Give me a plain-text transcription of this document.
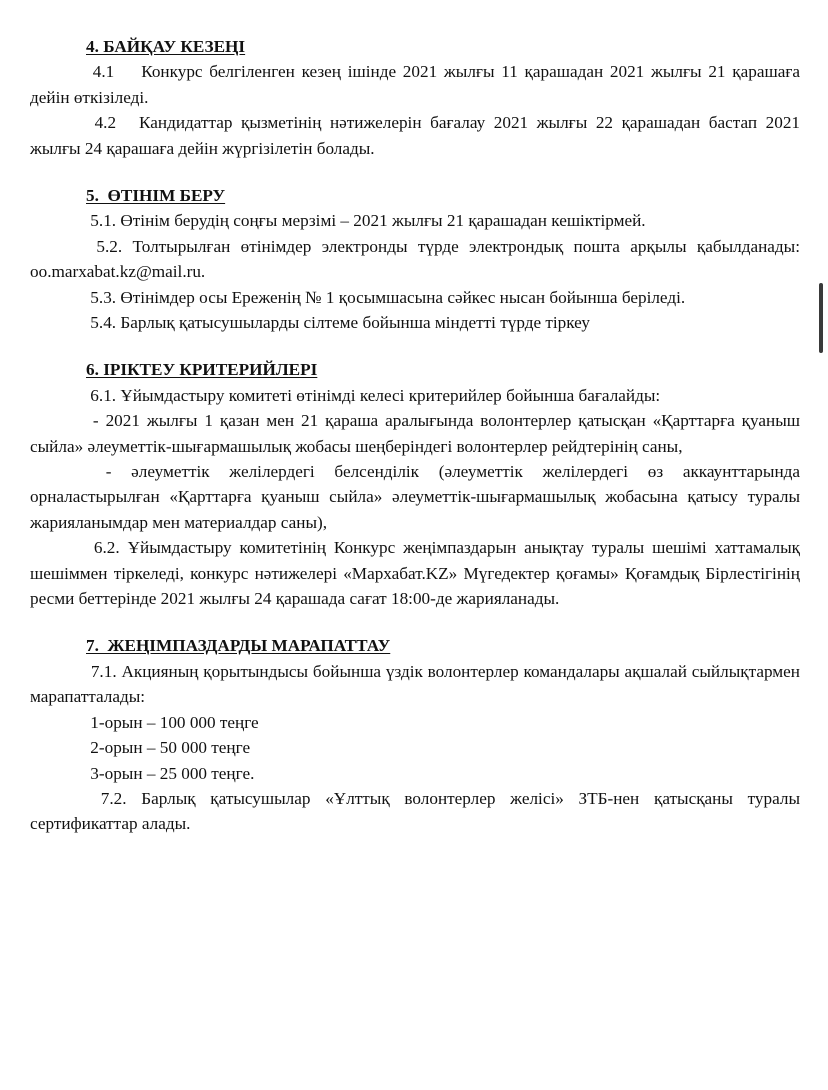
4. БАЙҚАУ КЕЗЕҢІ
4.1 Конкурс белгіленген кезең ішінде 2021 жылғы 11 қарашадан 2021 жылғы 21 қарашаға дейін өткізіледі.
4.2 Кандидаттар қызметінің нәтижелерін бағалау 2021 жылғы 22 қарашадан бастап 2021 жылғы 24 қарашаға дейін жүргізілетін болады.
5.  ӨТІНІМ БЕРУ
5.1. Өтінім берудің соңғы мерзімі – 2021 жылғы 21 қарашадан кешіктірмей.
5.2. Толтырылған өтінімдер электронды түрде электрондық пошта арқылы қабылданады: oo.marxabat.kz@mail.ru.
5.3. Өтінімдер осы Ереженің № 1 қосымшасына сәйкес нысан бойынша беріледі.
5.4. Барлық қатысушыларды сілтеме бойынша міндетті түрде тіркеу
6. ІРІКТЕУ КРИТЕРИЙЛЕРІ
6.1. Ұйымдастыру комитеті өтінімді келесі критерийлер бойынша бағалайды:
- 2021 жылғы 1 қазан мен 21 қараша аралығында волонтерлер қатысқан «Қарттарға қуаныш сыйла» әлеуметтік-шығармашылық жобасы шеңберіндегі волонтерлер рейдтерінің саны,
- әлеуметтік желілердегі белсенділік (әлеуметтік желілердегі өз аккаунттарында орналастырылған «Қарттарға қуаныш сыйла» әлеуметтік-шығармашылық жобасына қатысу туралы жарияланымдар мен материалдар саны),
6.2. Ұйымдастыру комитетінің Конкурс жеңімпаздарын анықтау туралы шешімі хаттамалық шешіммен тіркеледі, конкурс нәтижелері «Мархабат.KZ» Мүгедектер қоғамы» Қоғамдық Бірлестігінің ресми беттерінде 2021 жылғы 24 қарашада сағат 18:00-де жарияланады.
7.  ЖЕҢІМПАЗДАРДЫ МАРАПАТТАУ
7.1. Акцияның қорытындысы бойынша үздік волонтерлер командалары ақшалай сыйлықтармен марапатталады:
1-орын – 100 000 теңге
2-орын – 50 000 теңге
3-орын – 25 000 теңге.
7.2. Барлық қатысушылар «Ұлттық волонтерлер желісі» ЗТБ-нен қатысқаны туралы сертификаттар алады.
